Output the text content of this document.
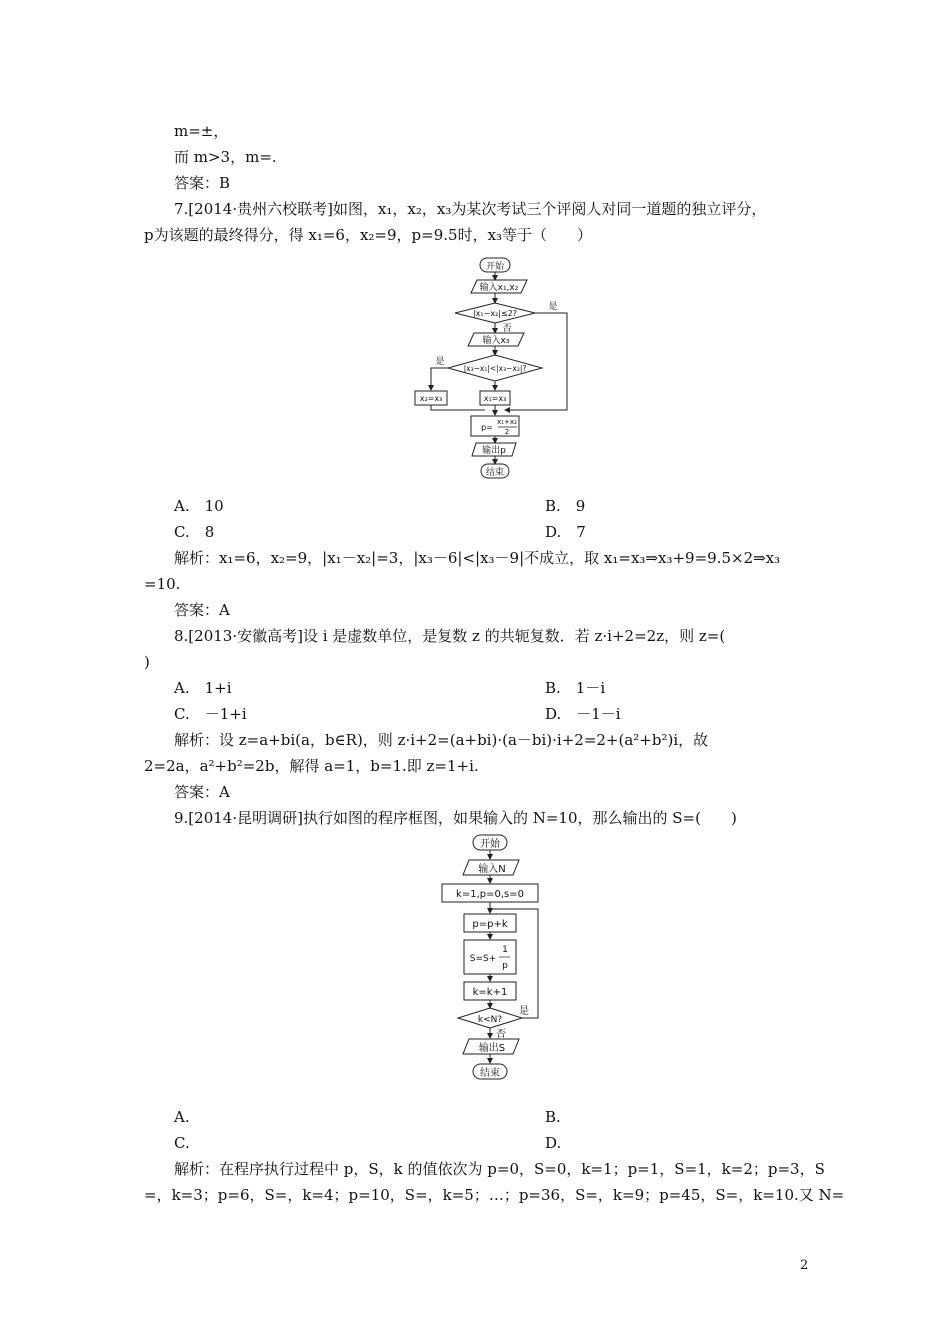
m=±，
而 m>3，m=.
答案：B
7.[2014·贵州六校联考]如图，x₁，x₂，x₃为某次考试三个评阅人对同一道题的独立评分，
p为该题的最终得分，得 x₁=6，x₂=9，p=9.5时，x₃等于（　　）
开始
输入x₁,x₂
|x₁−x₂|≤2?
是
否
输入x₃
|x₃−x₁|<|x₃−x₂|?
是
x₂=x₃	x₁=x₃
p=
x₁+x₂
2
输出p
结束
A.　10	B.　9
C.　8	D.　7
解析：x₁=6，x₂=9，|x₁－x₂|=3，|x₃－6|<|x₃－9|不成立，取 x₁=x₃⇒x₃+9=9.5×2⇒x₃
=10.
答案：A
8.[2013·安徽高考]设 i 是虚数单位，是复数 z 的共轭复数．若 z·i+2=2z，则 z=(
)
A.　1+i	B.　1－i
C.　－1+i	D.　－1－i
解析：设 z=a+bi(a，b∈R)，则 z·i+2=(a+bi)·(a－bi)·i+2=2+(a²+b²)i，故
2=2a，a²+b²=2b，解得 a=1，b=1.即 z=1+i.
答案：A
9.[2014·昆明调研]执行如图的程序框图，如果输入的 N=10，那么输出的 S=(　　)
开始
输入N
k=1,p=0,s=0
p=p+k
S=S+
1
p
k=k+1
k<N?
是
否
输出S
结束
A.	B.
C.	D.
解析：在程序执行过程中 p，S，k 的值依次为 p=0，S=0，k=1；p=1，S=1，k=2；p=3，S
=，k=3；p=6，S=，k=4；p=10，S=，k=5；…；p=36，S=，k=9；p=45，S=，k=10.又 N=
2
